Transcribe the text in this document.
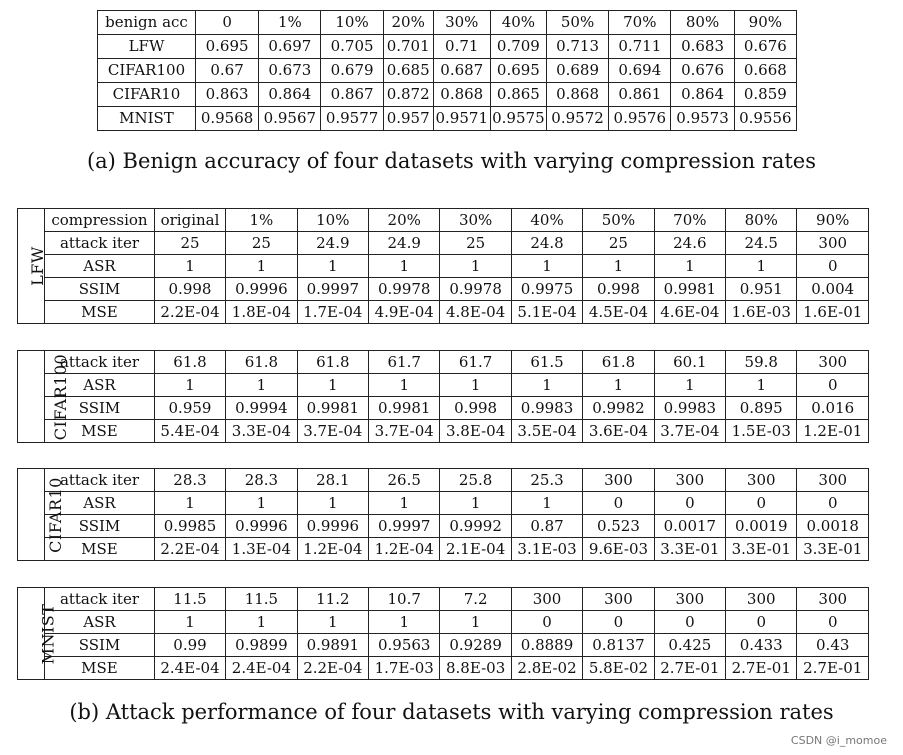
benign acc	0	1%	10%	20%	30%	40%	50%	70%	80%	90%
LFW	0.695	0.697	0.705	0.701	0.71	0.709	0.713	0.711	0.683	0.676
CIFAR100	0.67	0.673	0.679	0.685	0.687	0.695	0.689	0.694	0.676	0.668
CIFAR10	0.863	0.864	0.867	0.872	0.868	0.865	0.868	0.861	0.864	0.859
MNIST	0.9568	0.9567	0.9577	0.957	0.9571	0.9575	0.9572	0.9576	0.9573	0.9556
(a) Benign accuracy of four datasets with varying compression rates
LFW	compression	original	1%	10%	20%	30%	40%	50%	70%	80%	90%
	attack iter	25	25	24.9	24.9	25	24.8	25	24.6	24.5	300
	ASR	1	1	1	1	1	1	1	1	1	0
	SSIM	0.998	0.9996	0.9997	0.9978	0.9978	0.9975	0.998	0.9981	0.951	0.004
	MSE	2.2E-04	1.8E-04	1.7E-04	4.9E-04	4.8E-04	5.1E-04	4.5E-04	4.6E-04	1.6E-03	1.6E-01
CIFAR100	attack iter	61.8	61.8	61.8	61.7	61.7	61.5	61.8	60.1	59.8	300
	ASR	1	1	1	1	1	1	1	1	1	0
	SSIM	0.959	0.9994	0.9981	0.9981	0.998	0.9983	0.9982	0.9983	0.895	0.016
	MSE	5.4E-04	3.3E-04	3.7E-04	3.7E-04	3.8E-04	3.5E-04	3.6E-04	3.7E-04	1.5E-03	1.2E-01
CIFAR10	attack iter	28.3	28.3	28.1	26.5	25.8	25.3	300	300	300	300
	ASR	1	1	1	1	1	1	0	0	0	0
	SSIM	0.9985	0.9996	0.9996	0.9997	0.9992	0.87	0.523	0.0017	0.0019	0.0018
	MSE	2.2E-04	1.3E-04	1.2E-04	1.2E-04	2.1E-04	3.1E-03	9.6E-03	3.3E-01	3.3E-01	3.3E-01
MNIST	attack iter	11.5	11.5	11.2	10.7	7.2	300	300	300	300	300
	ASR	1	1	1	1	1	0	0	0	0	0
	SSIM	0.99	0.9899	0.9891	0.9563	0.9289	0.8889	0.8137	0.425	0.433	0.43
	MSE	2.4E-04	2.4E-04	2.2E-04	1.7E-03	8.8E-03	2.8E-02	5.8E-02	2.7E-01	2.7E-01	2.7E-01
(b) Attack performance of four datasets with varying compression rates
CSDN @i_momoe
